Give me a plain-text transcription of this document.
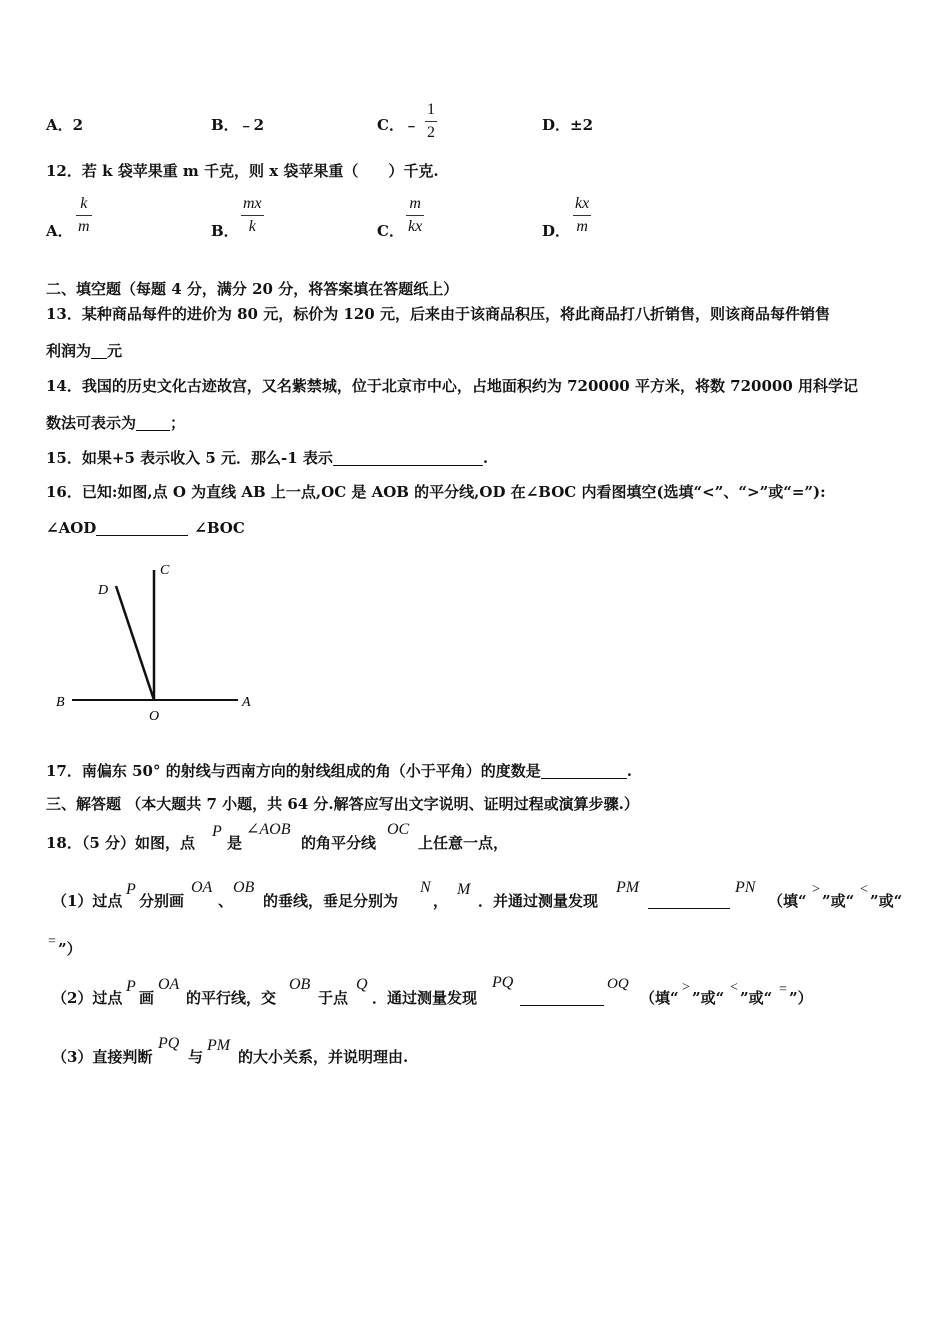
A．2	B．﹣2	C．﹣
1
2	D．±2
12．若 k 袋苹果重 m 千克，则 x 袋苹果重（　　）千克.
A．
k
m	B．
mx
k	C．
m
kx	D．
kx
m
二、填空题（每题 4 分，满分 20 分，将答案填在答题纸上）
13．某种商品每件的进价为 80 元，标价为 120 元，后来由于该商品积压，将此商品打八折销售，则该商品每件销售
利润为 元
14．我国的历史文化古迹故宫，又名紫禁城，位于北京市中心，占地面积约为 720000 平方米，将数 720000 用科学记
数法可表示为 ；
15．如果+5 表示收入 5 元．那么-1 表示	.
16．已知:如图,点 O 为直线 AB 上一点,OC 是 AOB 的平分线,OD 在∠BOC 内看图填空(选填“<”、“>”或“=”):
∠AOD	∠BOC
B	A
O
C
D
17．南偏东 50° 的射线与西南方向的射线组成的角（小于平角）的度数是	.
三、解答题 （本大题共 7 小题，共 64 分.解答应写出文字说明、证明过程或演算步骤.）
18．（5 分）如图，点
P
是
∠AOB
的角平分线
OC
上任意一点，
（1）过点
P
分别画
OA
、
OB
的垂线，垂足分别为
N
，
M
．并通过测量发现
PM	PN
（填“
>
”或“
<
”或“
= ”）
（2）过点
P
画
OA
的平行线，交
OB
于点
Q
．通过测量发现
PQ	OQ
（填“
>
”或“
<
”或“ = ”）
（3）直接判断
PQ
与
PM
的大小关系，并说明理由.
